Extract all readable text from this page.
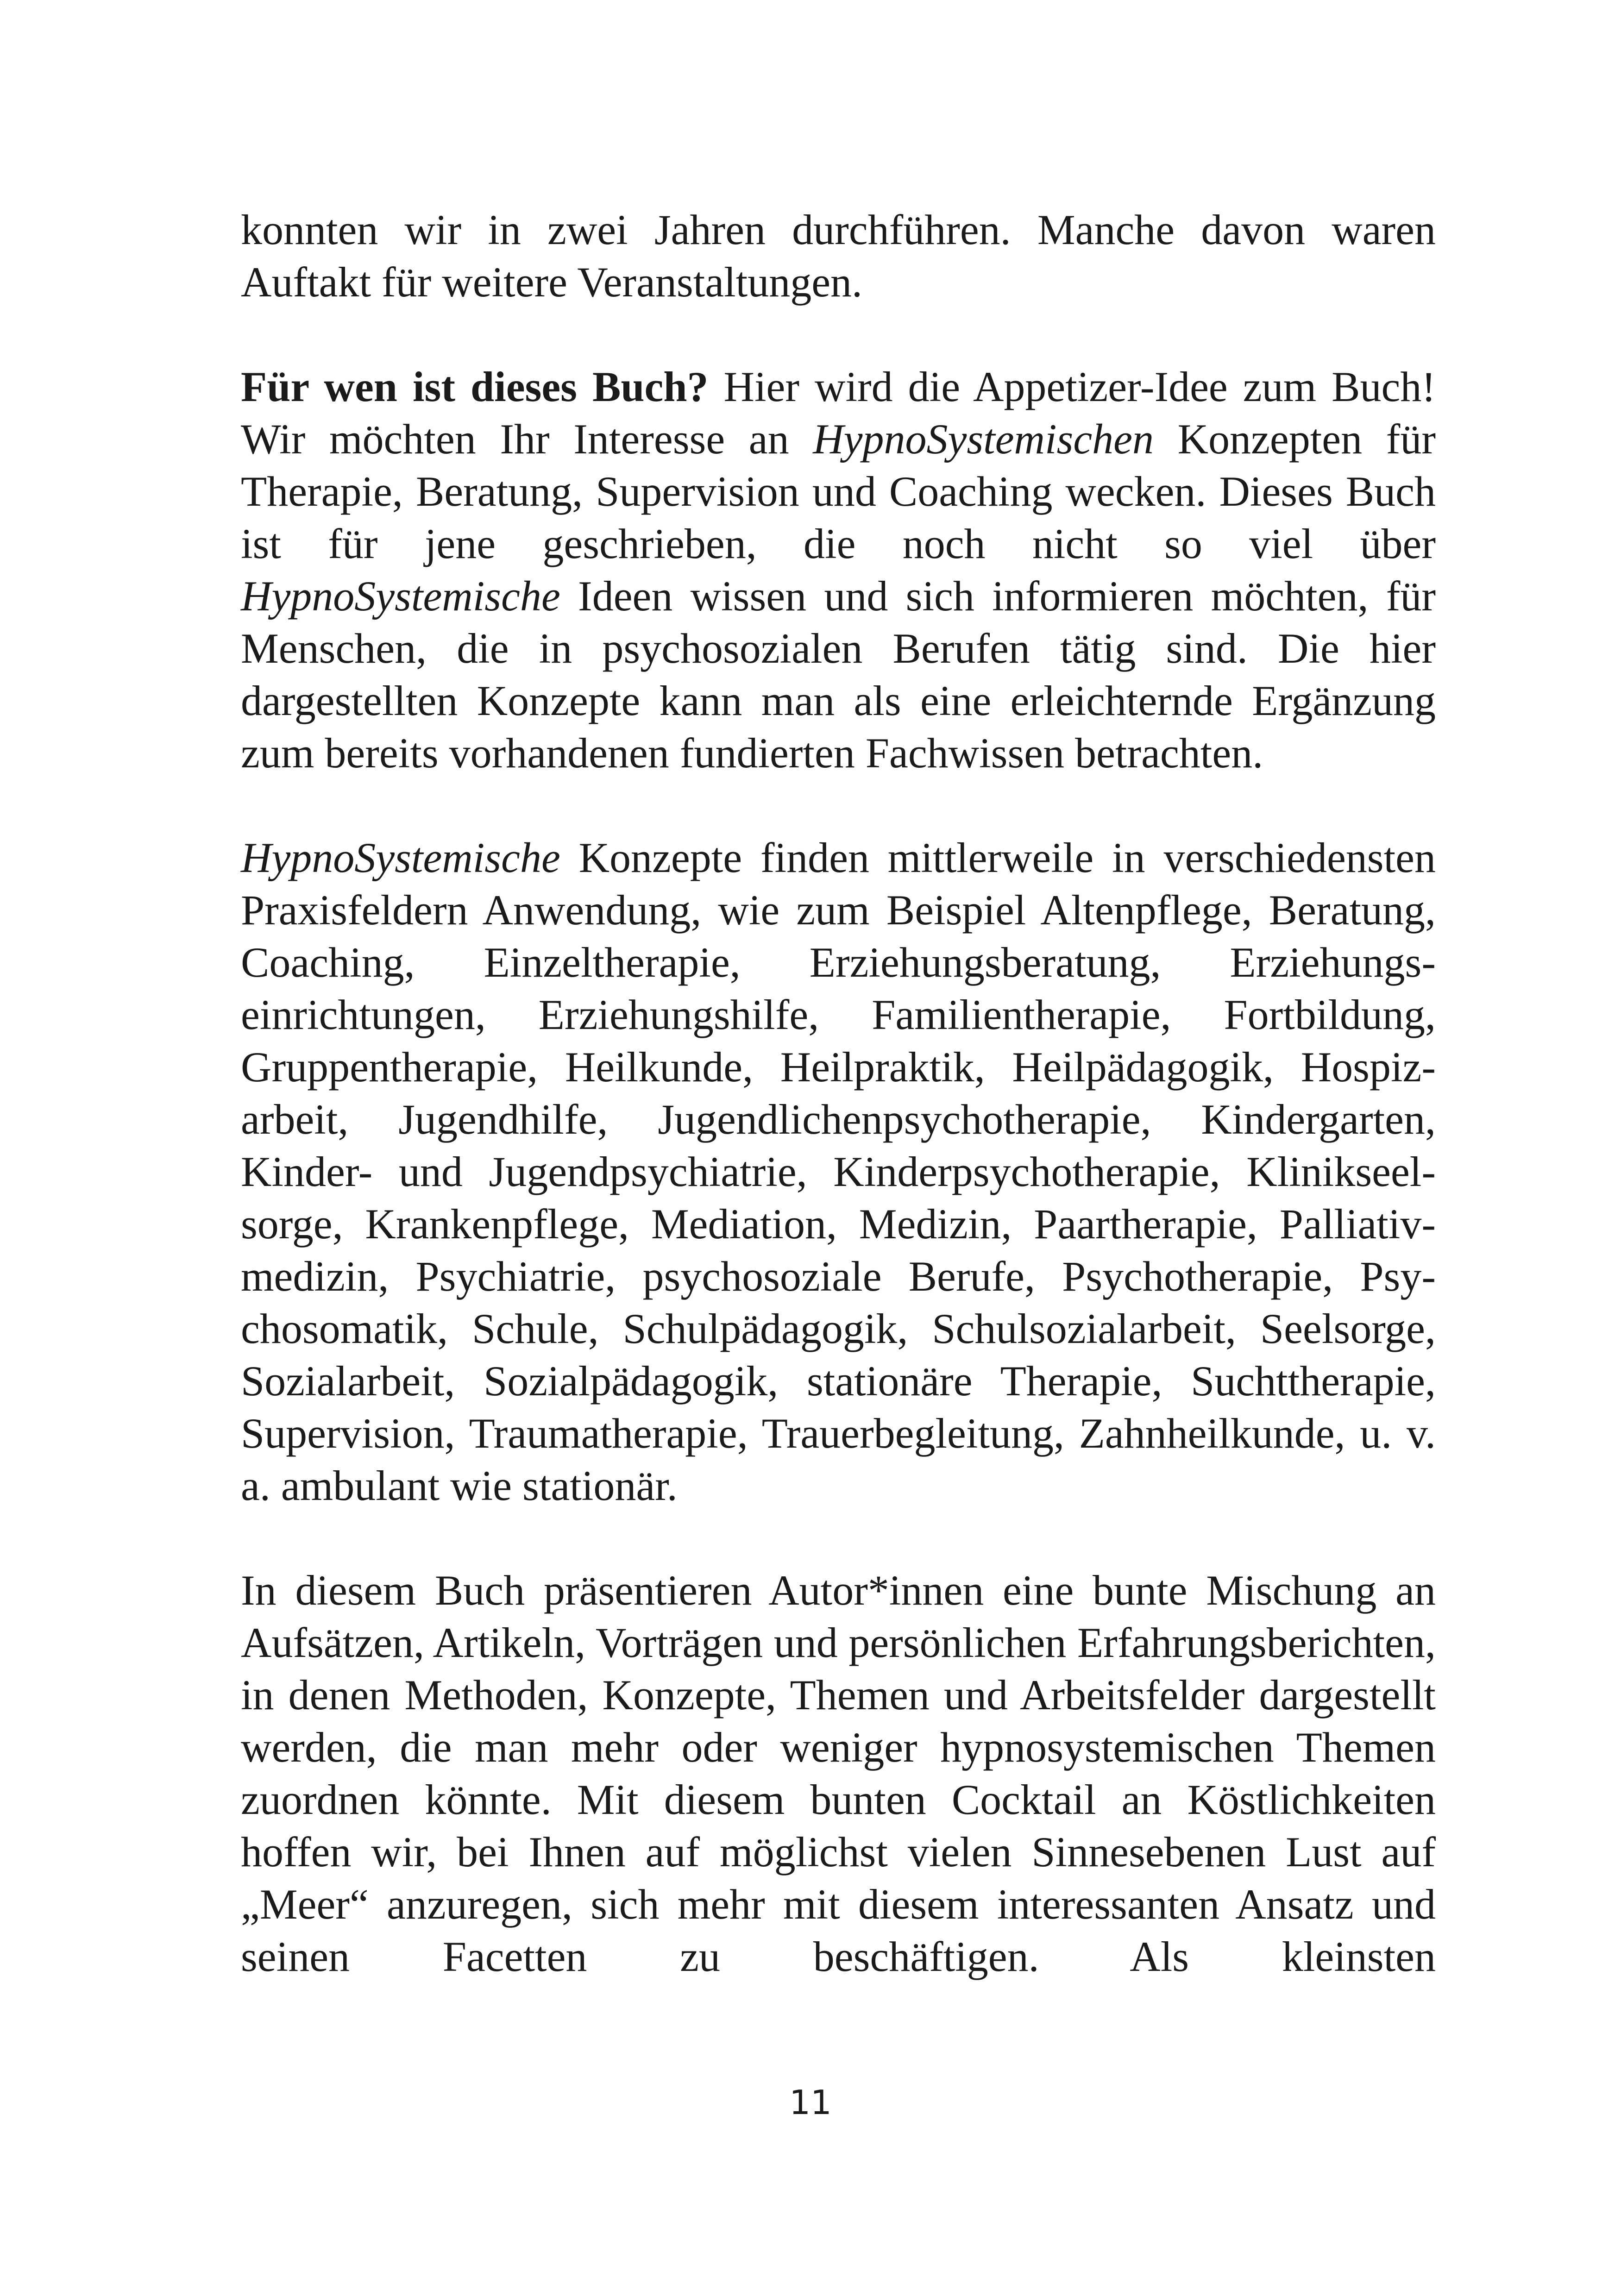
konnten wir in zwei Jahren durchführen. Manche davon waren Auftakt für weitere Veranstaltungen.

Für wen ist dieses Buch? Hier wird die Appetizer-Idee zum Buch! Wir möchten Ihr Interesse an HypnoSystemischen Konzepten für Therapie, Beratung, Supervision und Coaching wecken. Dieses Buch ist für jene geschrieben, die noch nicht so viel über HypnoSystemische Ideen wissen und sich informieren möchten, für Menschen, die in psychosozialen Berufen tätig sind. Die hier dargestellten Konzepte kann man als eine erleichternde Ergänzung zum bereits vorhandenen fundierten Fachwissen betrachten.

HypnoSystemische Konzepte finden mittlerweile in verschiedensten Praxisfeldern Anwendung, wie zum Beispiel Altenpflege, Beratung, Coaching, Einzeltherapie, Erziehungsberatung, Erziehungseinrichtungen, Erziehungshilfe, Familientherapie, Fortbildung, Gruppentherapie, Heilkunde, Heilpraktik, Heilpädagogik, Hospizarbeit, Jugendhilfe, Jugendlichenpsychotherapie, Kindergarten, Kinder- und Jugendpsychiatrie, Kinderpsychotherapie, Klinikseelsorge, Krankenpflege, Mediation, Medizin, Paartherapie, Palliativmedizin, Psychiatrie, psychosoziale Berufe, Psychotherapie, Psychosomatik, Schule, Schulpädagogik, Schulsozialarbeit, Seelsorge, Sozialarbeit, Sozialpädagogik, stationäre Therapie, Suchttherapie, Supervision, Traumatherapie, Trauerbegleitung, Zahnheilkunde, u. v. a. ambulant wie stationär.

In diesem Buch präsentieren Autor*innen eine bunte Mischung an Aufsätzen, Artikeln, Vorträgen und persönlichen Erfahrungsberichten, in denen Methoden, Konzepte, Themen und Arbeitsfelder dargestellt werden, die man mehr oder weniger hypnosystemischen Themen zuordnen könnte. Mit diesem bunten Cocktail an Köstlichkeiten hoffen wir, bei Ihnen auf möglichst vielen Sinnesebenen Lust auf „Meer“ anzuregen, sich mehr mit diesem interessanten Ansatz und seinen Facetten zu beschäftigen. Als kleinsten

11
